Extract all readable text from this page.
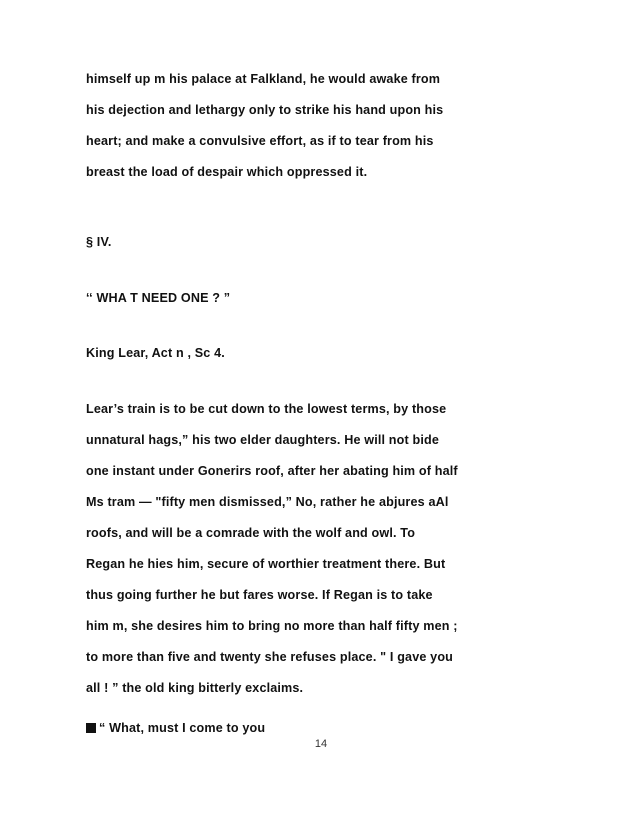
himself up m his palace at Falkland, he would awake from
his dejection and lethargy only to strike his hand upon his
heart; and make a convulsive effort, as if to tear from his
breast the load of despair which oppressed it.
§ IV.
‘‘ WHA T NEED ONE ? ”
King Lear, Act n , Sc 4.
Lear’s train is to be cut down to the lowest terms, by those
unnatural hags,” his two elder daughters. He will not bide
one instant under Gonerirs roof, after her abating him of half
Ms tram — "fifty men dismissed,” No, rather he abjures aAl
roofs, and will be a comrade with the wolf and owl. To
Regan he hies him, secure of worthier treatment there. But
thus going further he but fares worse. If Regan is to take
him m, she desires him to bring no more than half fifty men ;
to more than five and twenty she refuses place. " I gave you
all ! ” the old king bitterly exclaims.
“ What, must I come to you
14
